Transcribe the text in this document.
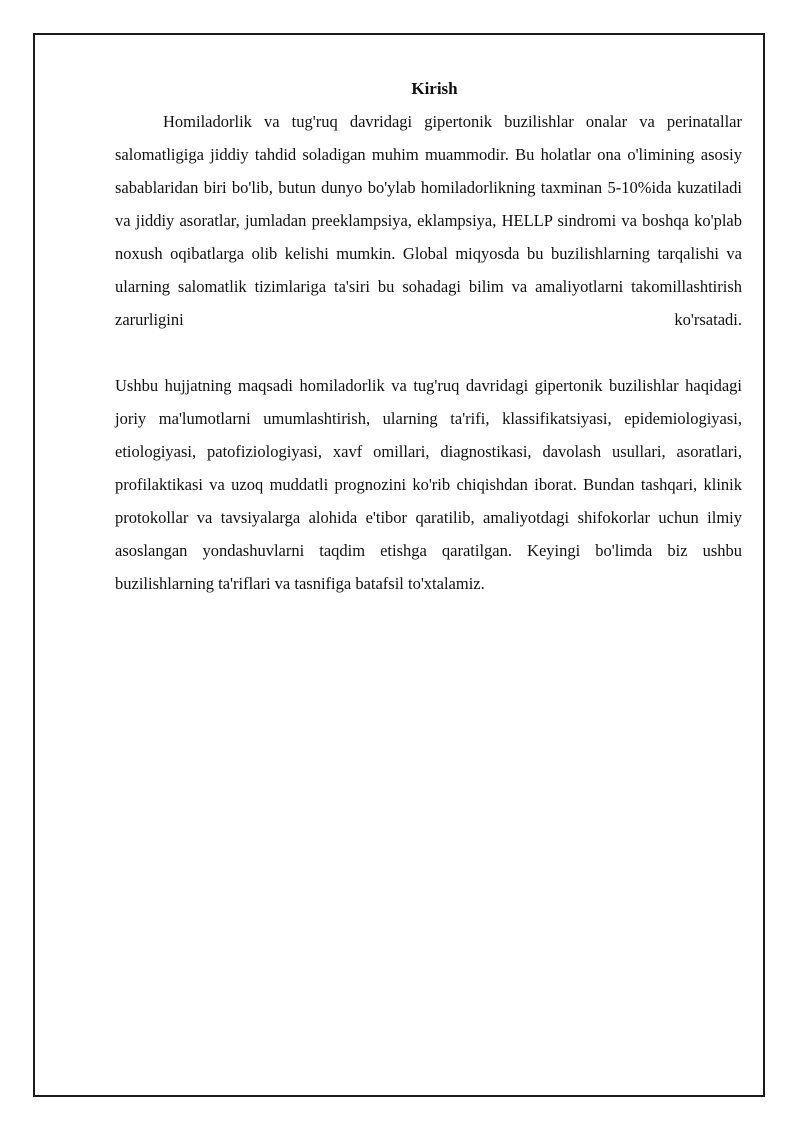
Kirish

Homiladorlik va tug'ruq davridagi gipertonik buzilishlar onalar va perinatallar salomatligiga jiddiy tahdid soladigan muhim muammodir. Bu holatlar ona o'limining asosiy sabablaridan biri bo'lib, butun dunyo bo'ylab homiladorlikning taxminan 5-10%ida kuzatiladi va jiddiy asoratlar, jumladan preeklampsiya, eklampsiya, HELLP sindromi va boshqa ko'plab noxush oqibatlarga olib kelishi mumkin. Global miqyosda bu buzilishlarning tarqalishi va ularning salomatlik tizimlariga ta'siri bu sohadagi bilim va amaliyotlarni takomillashtirish zarurligini ko'rsatadi.

Ushbu hujjatning maqsadi homiladorlik va tug'ruq davridagi gipertonik buzilishlar haqidagi joriy ma'lumotlarni umumlashtirish, ularning ta'rifi, klassifikatsiyasi, epidemiologiyasi, etiologiyasi, patofiziologiyasi, xavf omillari, diagnostikasi, davolash usullari, asoratlari, profilaktikasi va uzoq muddatli prognozini ko'rib chiqishdan iborat. Bundan tashqari, klinik protokollar va tavsiyalarga alohida e'tibor qaratilib, amaliyotdagi shifokorlar uchun ilmiy asoslangan yondashuvlarni taqdim etishga qaratilgan. Keyingi bo'limda biz ushbu buzilishlarning ta'riflari va tasnifiga batafsil to'xtalamiz.
